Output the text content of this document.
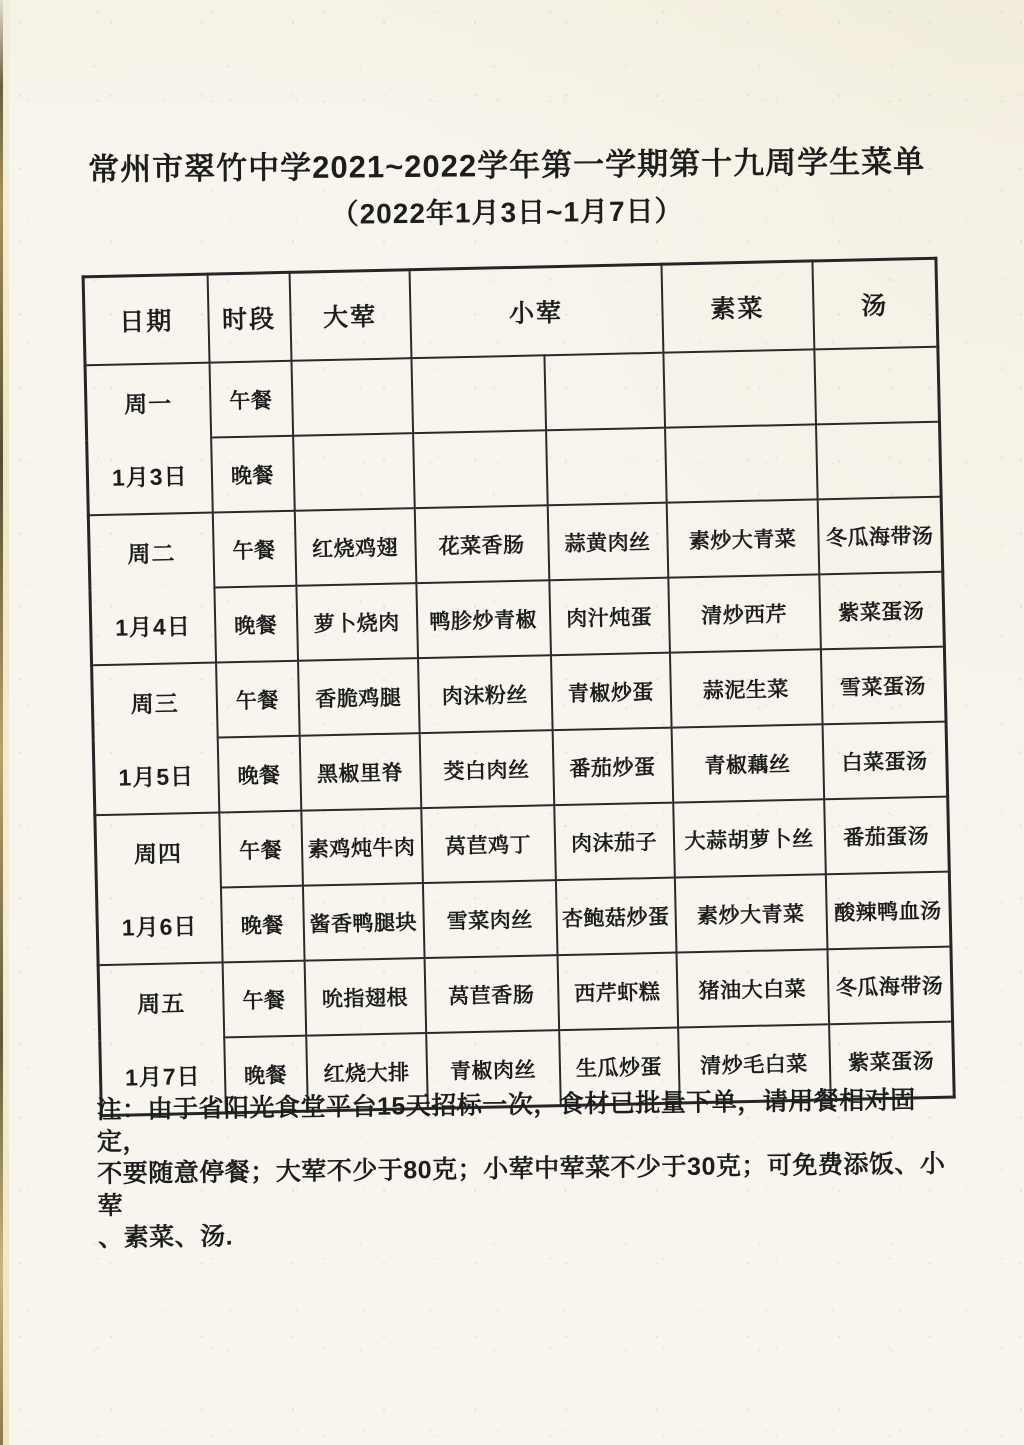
常州市翠竹中学2021~2022学年第一学期第十九周学生菜单
（2022年1月3日~1月7日）
日期	时段	大荤	小荤		素菜	汤

周一
1月3日	午餐					
	晚餐					

周二
1月4日	午餐	红烧鸡翅	花菜香肠	蒜黄肉丝	素炒大青菜	冬瓜海带汤
	晚餐	萝卜烧肉	鸭胗炒青椒	肉汁炖蛋	清炒西芹	紫菜蛋汤

周三
1月5日	午餐	香脆鸡腿	肉沫粉丝	青椒炒蛋	蒜泥生菜	雪菜蛋汤
	晚餐	黑椒里脊	茭白肉丝	番茄炒蛋	青椒藕丝	白菜蛋汤

周四
1月6日	午餐	素鸡炖牛肉	莴苣鸡丁	肉沫茄子	大蒜胡萝卜丝	番茄蛋汤
	晚餐	酱香鸭腿块	雪菜肉丝	杏鲍菇炒蛋	素炒大青菜	酸辣鸭血汤

周五
1月7日	午餐	吮指翅根	莴苣香肠	西芹虾糕	猪油大白菜	冬瓜海带汤
	晚餐	红烧大排	青椒肉丝	生瓜炒蛋	清炒毛白菜	紫菜蛋汤
注：由于省阳光食堂平台15天招标一次，食材已批量下单，请用餐相对固定，
不要随意停餐；大荤不少于80克；小荤中荤菜不少于30克；可免费添饭、小荤
、素菜、汤.
